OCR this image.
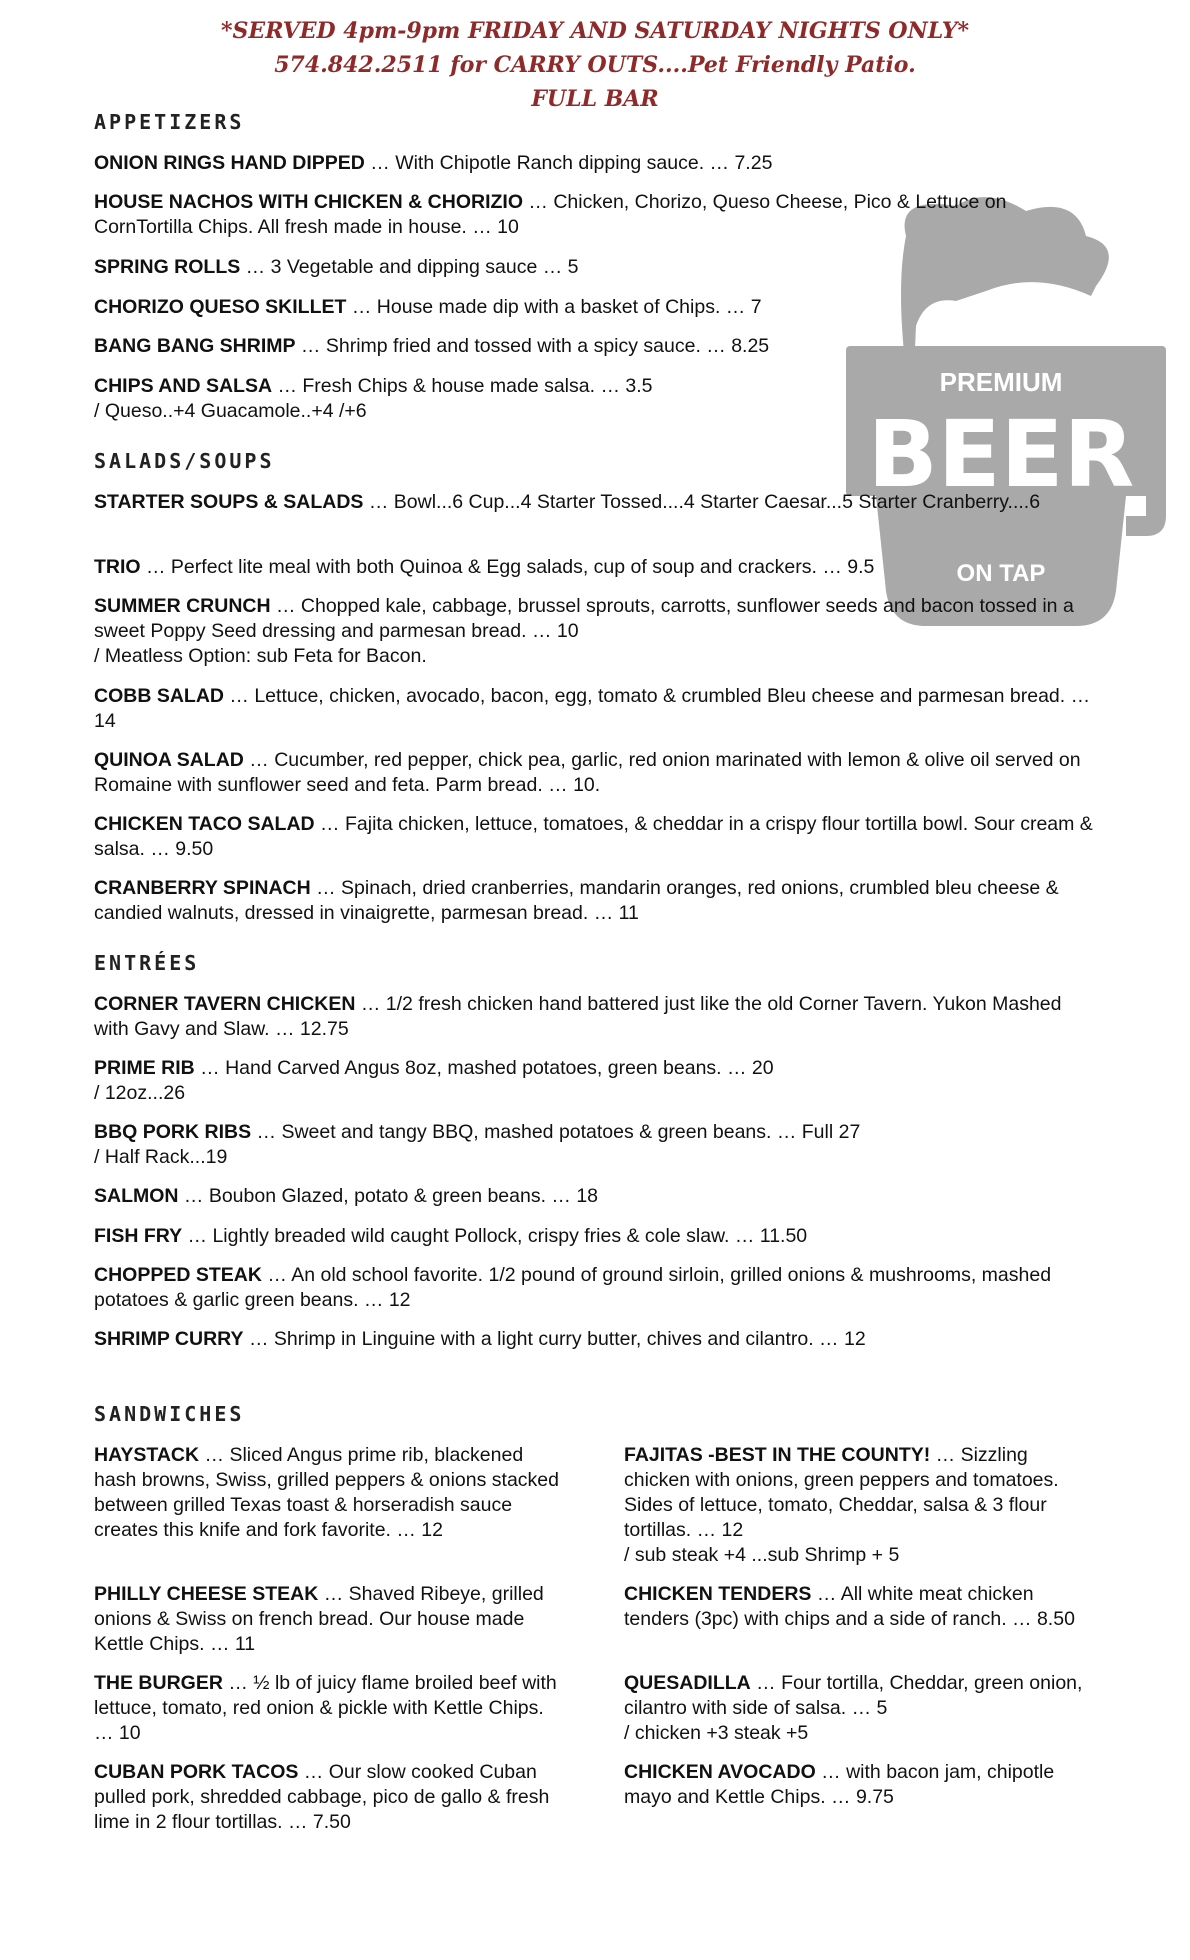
*SERVED 4pm-9pm FRIDAY AND SATURDAY NIGHTS ONLY*
574.842.2511 for CARRY OUTS....Pet Friendly Patio.
FULL BAR
PREMIUM
BEER
ON TAP
APPETIZERS
ONION RINGS HAND DIPPED … With Chipotle Ranch dipping sauce. … 7.25
HOUSE NACHOS WITH CHICKEN & CHORIZIO … Chicken, Chorizo, Queso Cheese, Pico & Lettuce on CornTortilla Chips. All fresh made in house. … 10
SPRING ROLLS … 3 Vegetable and dipping sauce … 5
CHORIZO QUESO SKILLET … House made dip with a basket of Chips. … 7
BANG BANG SHRIMP … Shrimp fried and tossed with a spicy sauce. … 8.25
CHIPS AND SALSA … Fresh Chips & house made salsa. … 3.5
/ Queso..+4 Guacamole..+4 /+6
SALADS/SOUPS
STARTER SOUPS & SALADS … Bowl...6 Cup...4 Starter Tossed....4 Starter Caesar...5 Starter Cranberry....6
TRIO … Perfect lite meal with both Quinoa & Egg salads, cup of soup and crackers. … 9.5
SUMMER CRUNCH … Chopped kale, cabbage, brussel sprouts, carrotts, sunflower seeds and bacon tossed in a sweet Poppy Seed dressing and parmesan bread. … 10
/ Meatless Option: sub Feta for Bacon.
COBB SALAD … Lettuce, chicken, avocado, bacon, egg, tomato & crumbled Bleu cheese and parmesan bread. … 14
QUINOA SALAD … Cucumber, red pepper, chick pea, garlic, red onion marinated with lemon & olive oil served on Romaine with sunflower seed and feta. Parm bread. … 10.
CHICKEN TACO SALAD … Fajita chicken, lettuce, tomatoes, & cheddar in a crispy flour tortilla bowl. Sour cream & salsa. … 9.50
CRANBERRY SPINACH … Spinach, dried cranberries, mandarin oranges, red onions, crumbled bleu cheese & candied walnuts, dressed in vinaigrette, parmesan bread. … 11
ENTRÉES
CORNER TAVERN CHICKEN … 1/2 fresh chicken hand battered just like the old Corner Tavern. Yukon Mashed with Gavy and Slaw. … 12.75
PRIME RIB … Hand Carved Angus 8oz, mashed potatoes, green beans. … 20
/ 12oz...26
BBQ PORK RIBS … Sweet and tangy BBQ, mashed potatoes & green beans. … Full 27
/ Half Rack...19
SALMON … Boubon Glazed, potato & green beans. … 18
FISH FRY … Lightly breaded wild caught Pollock, crispy fries & cole slaw. … 11.50
CHOPPED STEAK … An old school favorite. 1/2 pound of ground sirloin, grilled onions & mushrooms, mashed potatoes & garlic green beans. … 12
SHRIMP CURRY … Shrimp in Linguine with a light curry butter, chives and cilantro. … 12
SANDWICHES
HAYSTACK … Sliced Angus prime rib, blackened hash browns, Swiss, grilled peppers & onions stacked between grilled Texas toast & horseradish sauce creates this knife and fork favorite. … 12
PHILLY CHEESE STEAK … Shaved Ribeye, grilled onions & Swiss on french bread. Our house made Kettle Chips. … 11
THE BURGER … ½ lb of juicy flame broiled beef with lettuce, tomato, red onion & pickle with Kettle Chips. … 10
CUBAN PORK TACOS … Our slow cooked Cuban pulled pork, shredded cabbage, pico de gallo & fresh lime in 2 flour tortillas. … 7.50
FAJITAS -BEST IN THE COUNTY! … Sizzling chicken with onions, green peppers and tomatoes. Sides of lettuce, tomato, Cheddar, salsa & 3 flour tortillas. … 12
/ sub steak +4 ...sub Shrimp + 5
CHICKEN TENDERS … All white meat chicken tenders (3pc) with chips and a side of ranch. … 8.50
QUESADILLA … Four tortilla, Cheddar, green onion, cilantro with side of salsa. … 5
/ chicken +3 steak +5
CHICKEN AVOCADO … with bacon jam, chipotle mayo and Kettle Chips. … 9.75
